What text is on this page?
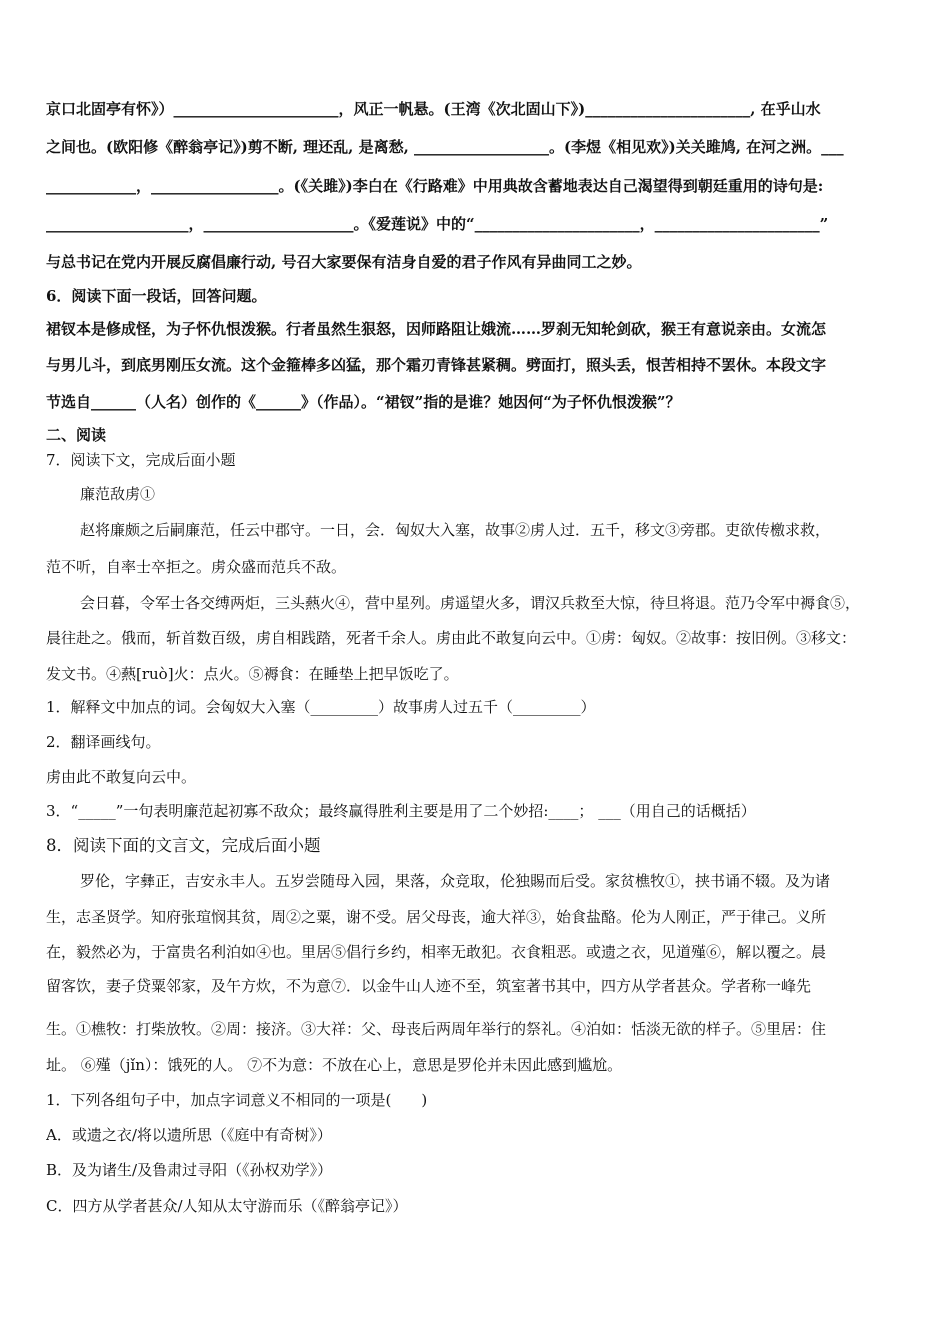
京口北固亭有怀》）______________________，风正一帆悬。(王湾《次北固山下》)______________________, 在乎山水
之间也。(欧阳修《醉翁亭记》)剪不断, 理还乱, 是离愁, __________________。(李煜《相见欢》)关关雎鸠, 在河之洲。___
____________，_________________。(《关雎》)李白在《行路难》中用典故含蓄地表达自己渴望得到朝廷重用的诗句是:
___________________，____________________。《爱莲说》中的“______________________，______________________”
与总书记在党内开展反腐倡廉行动, 号召大家要保有洁身自爱的君子作风有异曲同工之妙。
6．阅读下面一段话，回答问题。
裙钗本是修成怪，为子怀仇恨泼猴。行者虽然生狠怒，因师路阻让娥流……罗刹无知轮剑砍，猴王有意说亲由。女流怎
与男儿斗，到底男刚压女流。这个金箍棒多凶猛，那个霜刃青锋甚紧稠。劈面打，照头丢，恨苦相持不罢休。本段文字
节选自______（人名）创作的《______》（作品）。“裙钗”指的是谁？她因何“为子怀仇恨泼猴”？
二、阅读
7．阅读下文，完成后面小题
廉范敌虏①
赵将廉颇之后嗣廉范，任云中郡守。一日，会．匈奴大入塞，故事②虏人过．五千，移文③旁郡。吏欲传檄求救，
范不听，自率士卒拒之。虏众盛而范兵不敌。
会日暮，令军士各交缚两炬，三头爇火④，营中星列。虏遥望火多，谓汉兵救至大惊，待旦将退。范乃令军中褥食⑤，
晨往赴之。俄而，斩首数百级，虏自相践踏，死者千余人。虏由此不敢复向云中。①虏：匈奴。②故事：按旧例。③移文：
发文书。④爇[ruò]火：点火。⑤褥食：在睡垫上把早饭吃了。
1．解释文中加点的词。会匈奴大入塞（_________）故事虏人过五千（_________）
2．翻译画线句。
虏由此不敢复向云中。
3．“_____”一句表明廉范起初寡不敌众；最终赢得胜利主要是用了二个妙招:____； ___（用自己的话概括）
8．阅读下面的文言文，完成后面小题
罗伦，字彝正，吉安永丰人。五岁尝随母入园，果落，众竞取，伦独賜而后受。家贫樵牧①，挟书诵不辍。及为诸
生，志圣贤学。知府张瑄悯其贫，周②之粟，谢不受。居父母丧，逾大祥③，始食盐酪。伦为人刚正，严于律己。义所
在，毅然必为，于富贵名利泊如④也。里居⑤倡行乡约，相率无敢犯。衣食粗恶。或遗之衣，见道殣⑥，解以覆之。晨
留客饮，妻子贷粟邻家，及午方炊，不为意⑦．以金牛山人迹不至，筑室著书其中，四方从学者甚众。学者称一峰先
生。①樵牧：打柴放牧。②周：接济。③大祥：父、母丧后两周年举行的祭礼。④泊如：恬淡无欲的样子。⑤里居：住
址。 ⑥殣（jǐn）：饿死的人。 ⑦不为意：不放在心上，意思是罗伦并未因此感到尴尬。
1．下列各组句子中，加点字词意义不相同的一项是(　　)
A．或遗之衣/将以遗所思（《庭中有奇树》）
B．及为诸生/及鲁肃过寻阳（《孙权劝学》）
C．四方从学者甚众/人知从太守游而乐（《醉翁亭记》）
